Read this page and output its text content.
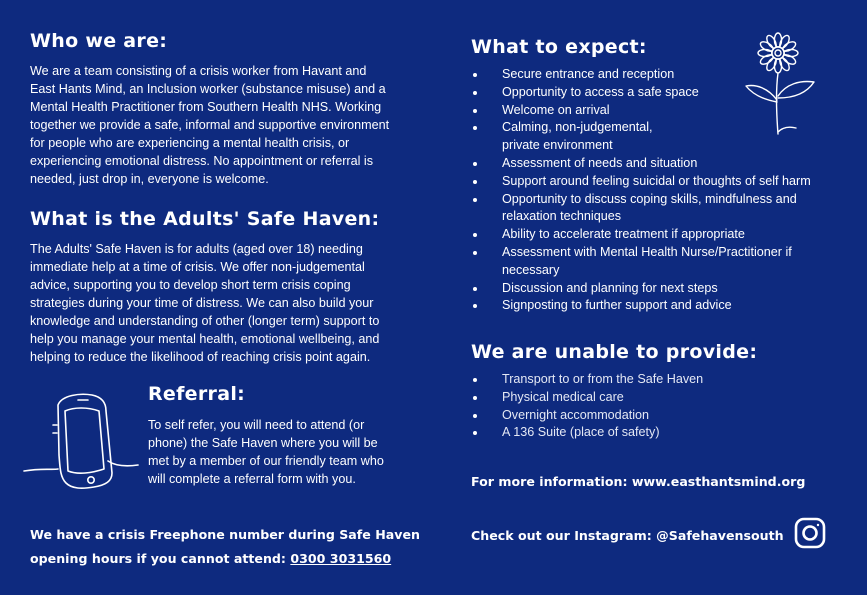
Who we are:
We are a team consisting of a crisis worker from Havant and East Hants Mind, an Inclusion worker (substance misuse) and a Mental Health Practitioner from Southern Health NHS. Working together we provide a safe, informal and supportive environment for people who are experiencing a mental health crisis, or experiencing emotional distress. No appointment or referral is needed, just drop in, everyone is welcome.
What is the Adults' Safe Haven:
The Adults' Safe Haven is for adults (aged over 18) needing immediate help at a time of crisis. We offer non-judgemental advice, supporting you to develop short term crisis coping strategies during your time of distress. We can also build your knowledge and understanding of other (longer term) support to help you manage your mental health, emotional wellbeing, and helping to reduce the likelihood of reaching crisis point again.
Referral:
To self refer, you will need to attend (or phone) the Safe Haven where you will be met by a member of our friendly team who will complete a referral form with you.
We have a crisis Freephone number during Safe Haven
opening hours if you cannot attend: 0300 3031560
What to expect:
Secure entrance and reception
Opportunity to access a safe space
Welcome on arrival
Calming, non-judgemental, private environment
Assessment of needs and situation
Support around feeling suicidal or thoughts of self harm
Opportunity to discuss coping skills, mindfulness and relaxation techniques
Ability to accelerate treatment if appropriate
Assessment with Mental Health Nurse/Practitioner if necessary
Discussion and planning for next steps
Signposting to further support and advice
We are unable to provide:
Transport to or from the Safe Haven
Physical medical care
Overnight accommodation
A 136 Suite (place of safety)
For more information: www.easthantsmind.org
Check out our Instagram: @Safehavensouth
